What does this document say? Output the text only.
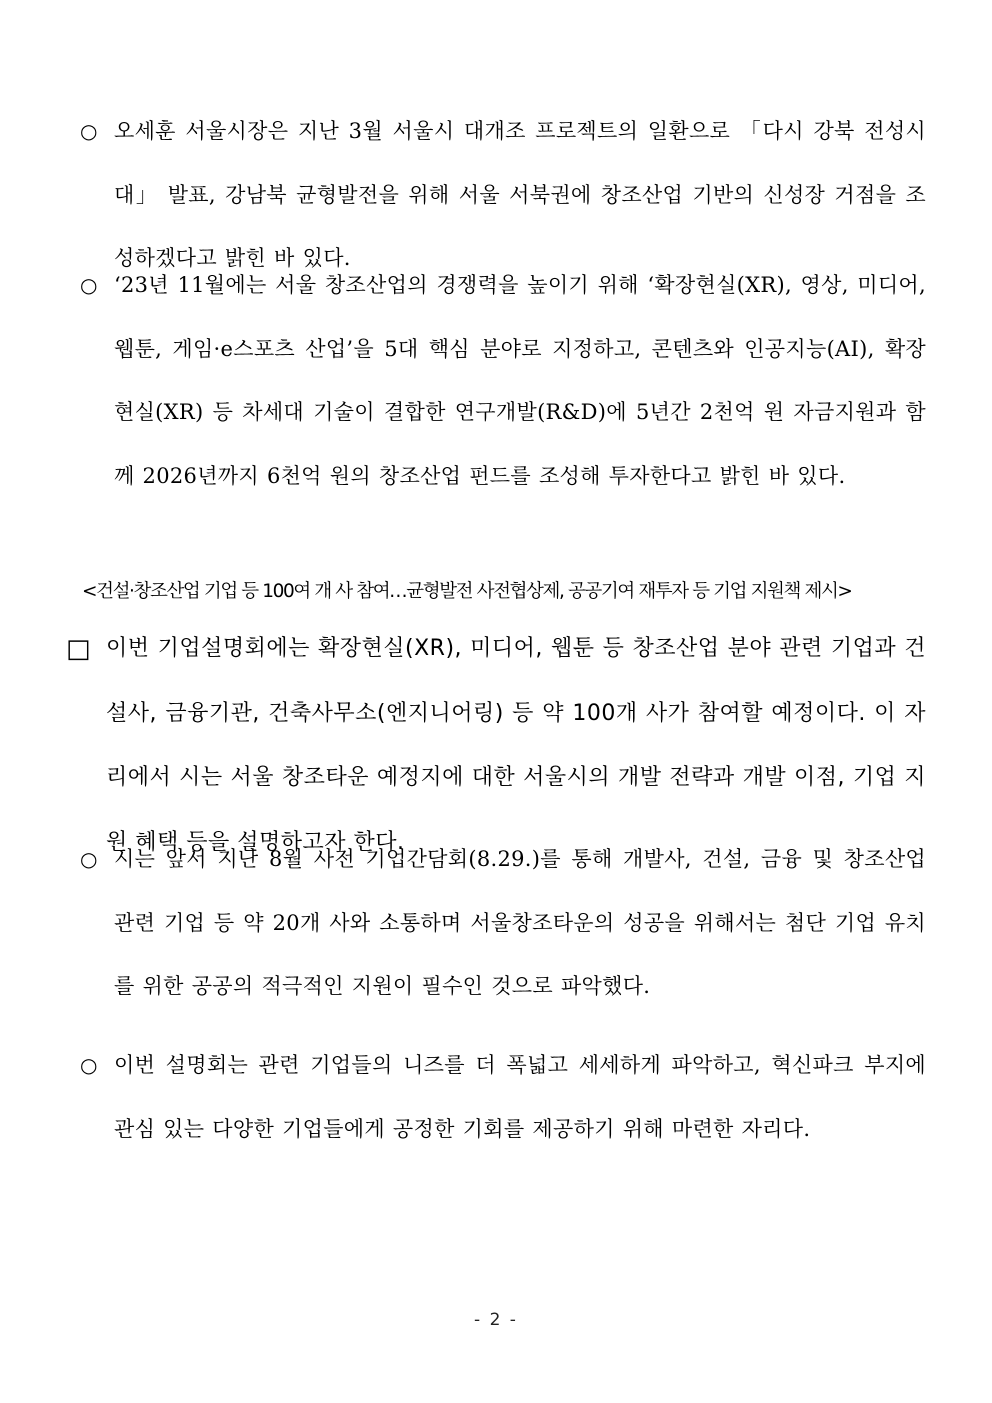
○ 오세훈 서울시장은 지난 3월 서울시 대개조 프로젝트의 일환으로 「다시 강북 전성시대」 발표, 강남북 균형발전을 위해 서울 서북권에 창조산업 기반의 신성장 거점을 조성하겠다고 밝힌 바 있다.
○ ‘23년 11월에는 서울 창조산업의 경쟁력을 높이기 위해 ‘확장현실(XR), 영상, 미디어, 웹툰, 게임·e스포츠 산업’을 5대 핵심 분야로 지정하고, 콘텐츠와 인공지능(AI), 확장현실(XR) 등 차세대 기술이 결합한 연구개발(R&D)에 5년간 2천억 원 자금지원과 함께 2026년까지 6천억 원의 창조산업 펀드를 조성해 투자한다고 밝힌 바 있다.
<건설·창조산업 기업 등 100여 개 사 참여…균형발전 사전협상제, 공공기여 재투자 등 기업 지원책 제시>
□ 이번 기업설명회에는 확장현실(XR), 미디어, 웹툰 등 창조산업 분야 관련 기업과 건설사, 금융기관, 건축사무소(엔지니어링) 등 약 100개 사가 참여할 예정이다. 이 자리에서 시는 서울 창조타운 예정지에 대한 서울시의 개발 전략과 개발 이점, 기업 지원 혜택 등을 설명하고자 한다.
○ 시는 앞서 지난 8월 사전 기업간담회(8.29.)를 통해 개발사, 건설, 금융 및 창조산업 관련 기업 등 약 20개 사와 소통하며 서울창조타운의 성공을 위해서는 첨단 기업 유치를 위한 공공의 적극적인 지원이 필수인 것으로 파악했다.
○ 이번 설명회는 관련 기업들의 니즈를 더 폭넓고 세세하게 파악하고, 혁신파크 부지에 관심 있는 다양한 기업들에게 공정한 기회를 제공하기 위해 마련한 자리다.
- 2 -
